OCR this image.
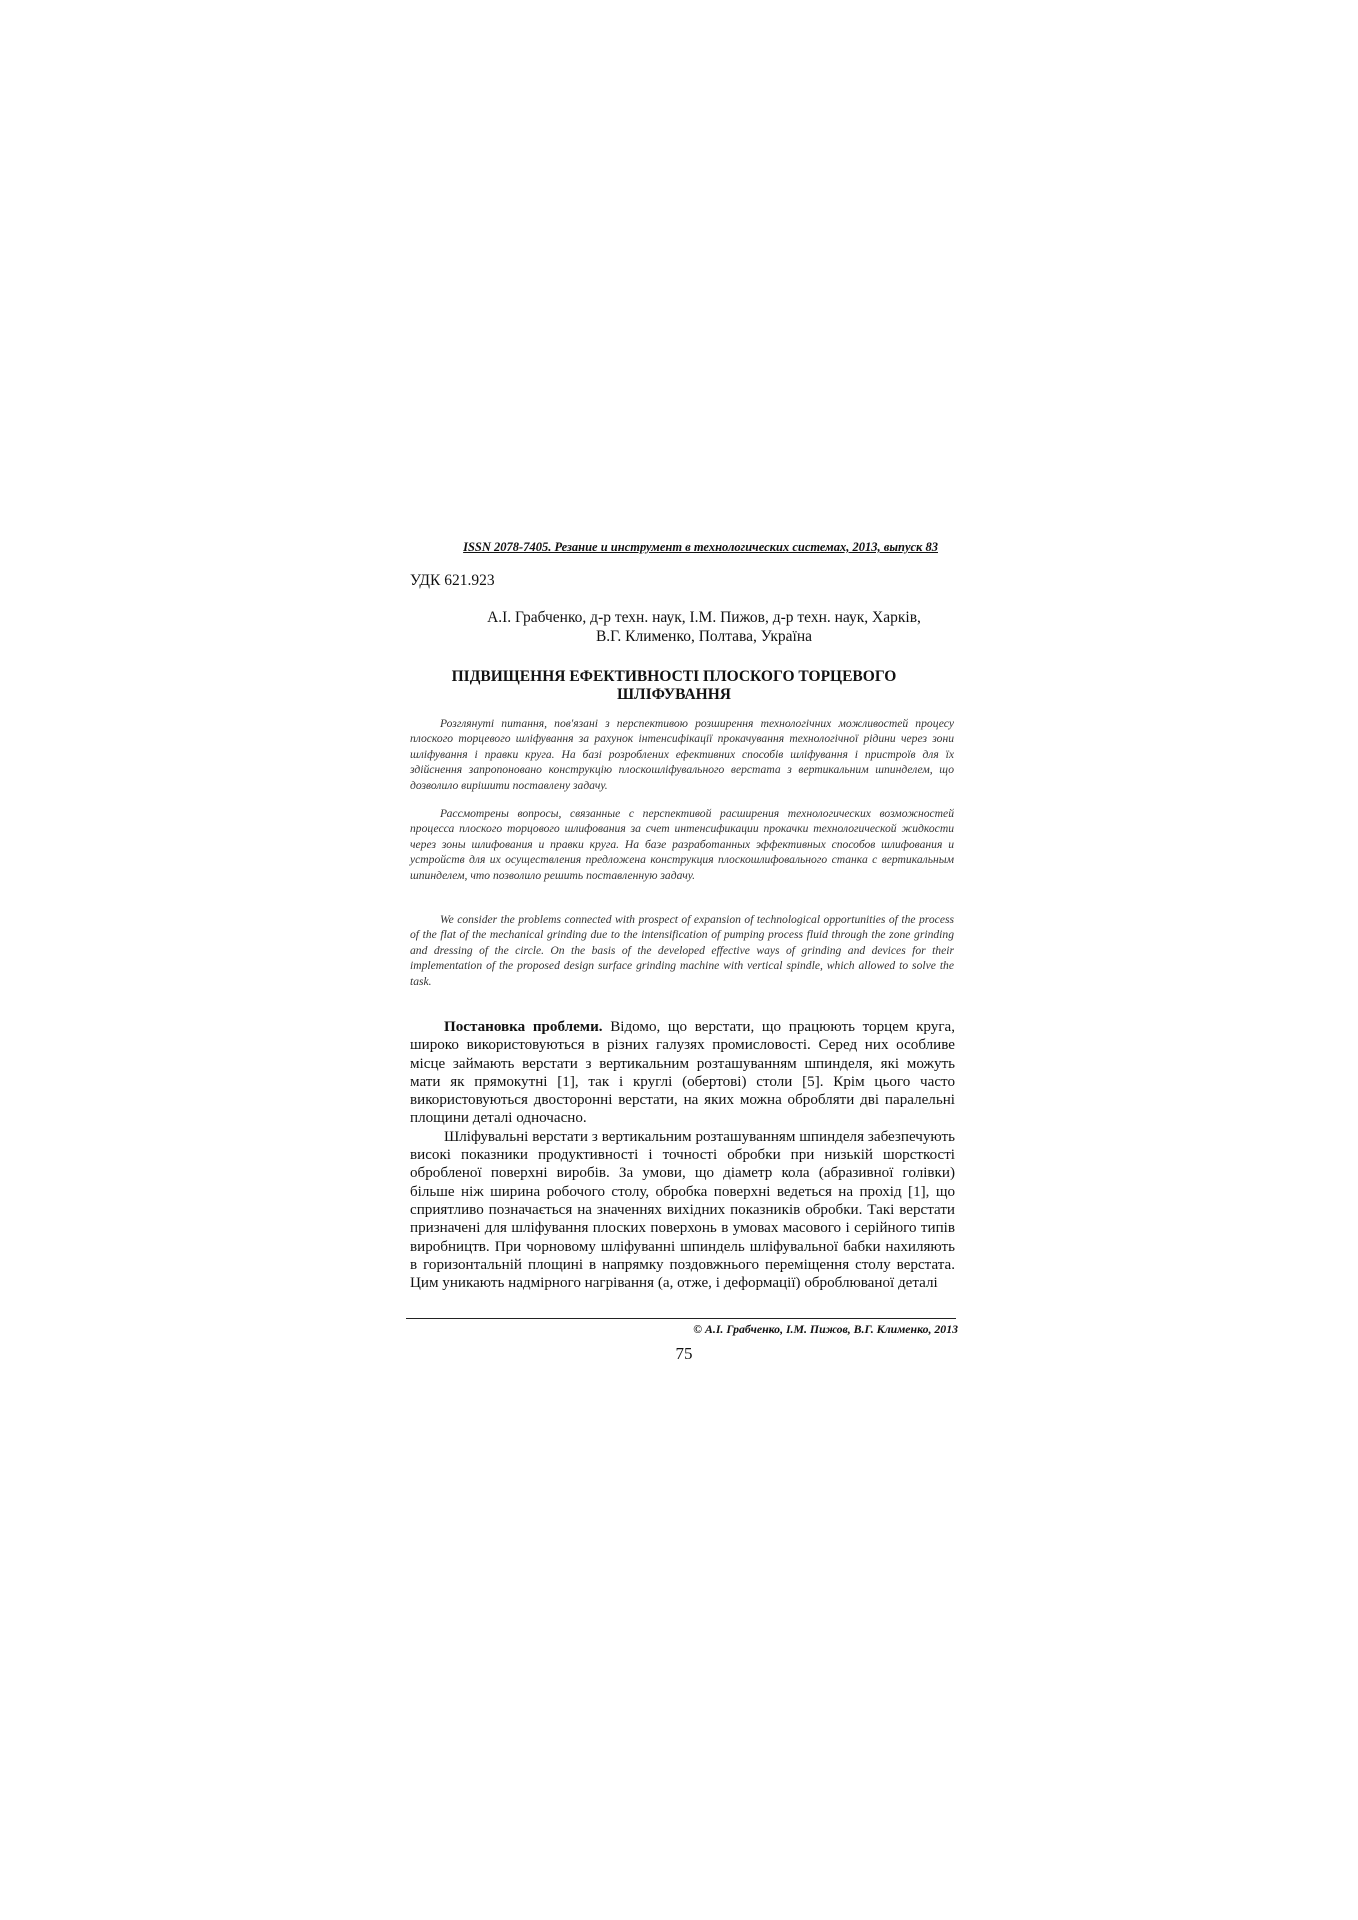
ISSN 2078-7405. Резание и инструмент в технологических системах, 2013, выпуск 83
УДК 621.923
А.І. Грабченко, д-р техн. наук, І.М. Пижов, д-р техн. наук, Харків,
В.Г. Клименко, Полтава, Україна
ПІДВИЩЕННЯ ЕФЕКТИВНОСТІ ПЛОСКОГО ТОРЦЕВОГО
ШЛІФУВАННЯ
Розглянуті питання, пов'язані з перспективою розширення технологічних можливостей процесу плоского торцевого шліфування за рахунок інтенсифікації прокачування технологічної рідини через зони шліфування і правки круга. На базі розроблених ефективних способів шліфування і пристроїв для їх здійснення запропоновано конструкцію плоскошліфувального верстата з вертикальним шпинделем, що дозволило вирішити поставлену задачу.
Рассмотрены вопросы, связанные с перспективой расширения технологических возможностей процесса плоского торцового шлифования за счет интенсификации прокачки технологической жидкости через зоны шлифования и правки круга. На базе разработанных эффективных способов шлифования и устройств для их осуществления предложена конструкция плоскошлифовального станка с вертикальным шпинделем, что позволило решить поставленную задачу.
We consider the problems connected with prospect of expansion of technological opportunities of the process of the flat of the mechanical grinding due to the intensification of pumping process fluid through the zone grinding and dressing of the circle. On the basis of the developed effective ways of grinding and devices for their implementation of the proposed design surface grinding machine with vertical spindle, which allowed to solve the task.

Постановка проблеми. Відомо, що верстати, що працюють торцем круга, широко використовуються в різних галузях промисловості. Серед них особливе місце займають верстати з вертикальним розташуванням шпинделя, які можуть мати як прямокутні [1], так і круглі (обертові) столи [5]. Крім цього часто використовуються двосторонні верстати, на яких можна обробляти дві паралельні площини деталі одночасно.

Шліфувальні верстати з вертикальним розташуванням шпинделя забезпечують високі показники продуктивності і точності обробки при низькій шорсткості обробленої поверхні виробів. За умови, що діаметр кола (абразивної голівки) більше ніж ширина робочого столу, обробка поверхні ведеться на прохід [1], що сприятливо позначається на значеннях вихідних показників обробки. Такі верстати призначені для шліфування плоских поверхонь в умовах масового і серійного типів виробництв. При чорновому шліфуванні шпиндель шліфувальної бабки нахиляють в горизонтальній площині в напрямку поздовжнього переміщення столу верстата. Цим уникають надмірного нагрівання (а, отже, і деформації) оброблюваної деталі

© А.І. Грабченко, І.М. Пижов, В.Г. Клименко, 2013
75
